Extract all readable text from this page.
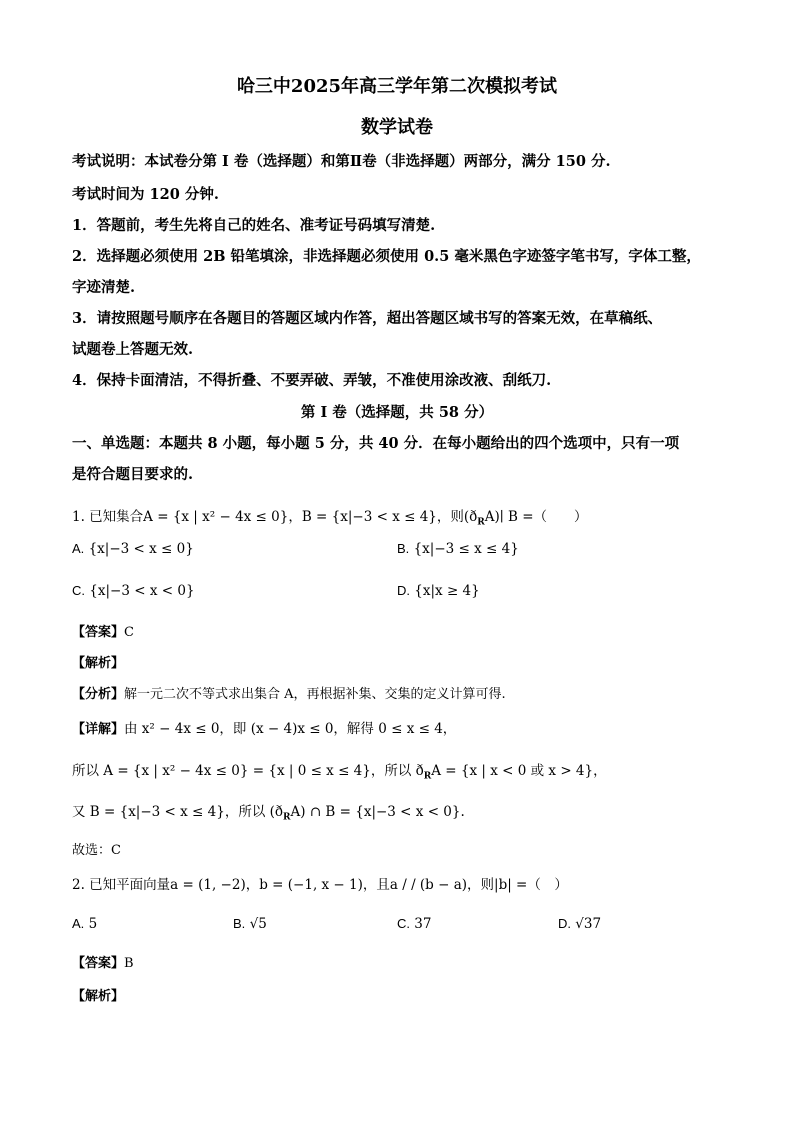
哈三中2025年高三学年第二次模拟考试
数学试卷
考试说明：本试卷分第 I 卷（选择题）和第Ⅱ卷（非选择题）两部分，满分 150 分.
考试时间为 120 分钟.
1．答题前，考生先将自己的姓名、准考证号码填写清楚.
2．选择题必须使用 2B 铅笔填涂，非选择题必须使用 0.5 毫米黑色字迹签字笔书写，字体工整，
字迹清楚.
3．请按照题号顺序在各题目的答题区域内作答，超出答题区域书写的答案无效，在草稿纸、
试题卷上答题无效.
4．保持卡面清洁，不得折叠、不要弄破、弄皱，不准使用涂改液、刮纸刀.
第 I 卷（选择题，共 58 分）
一、单选题：本题共 8 小题，每小题 5 分，共 40 分．在每小题给出的四个选项中，只有一项
是符合题目要求的.
1. 已知集合A = {x | x² − 4x ≤ 0}，B = {x|−3 < x ≤ 4}，则$(ð_RA)∣$ B =（　　）
A. {x|−3 < x ≤ 0}	B. {x|−3 ≤ x ≤ 4}
C. {x|−3 < x < 0}	D. {x|x ≥ 4}
【答案】C
【解析】
【分析】解一元二次不等式求出集合 A，再根据补集、交集的定义计算可得.
【详解】由 x² − 4x ≤ 0，即 (x − 4)x ≤ 0，解得 0 ≤ x ≤ 4，
所以 A = {x | x² − 4x ≤ 0} = {x | 0 ≤ x ≤ 4}，所以 $ð_RA = \{x$ | x < 0 或 x > 4}，
又 B = {x|−3 < x ≤ 4}，所以 $(ð_RA)$ ∩ B = {x|−3 < x < 0}.
故选：C
2. 已知平面向量a = (1, −2)，b = (−1, x − 1)，且a / / (b − a)，则|b| =（　）
A. 5	B. √5	C. 37	D. √37
【答案】B
【解析】
